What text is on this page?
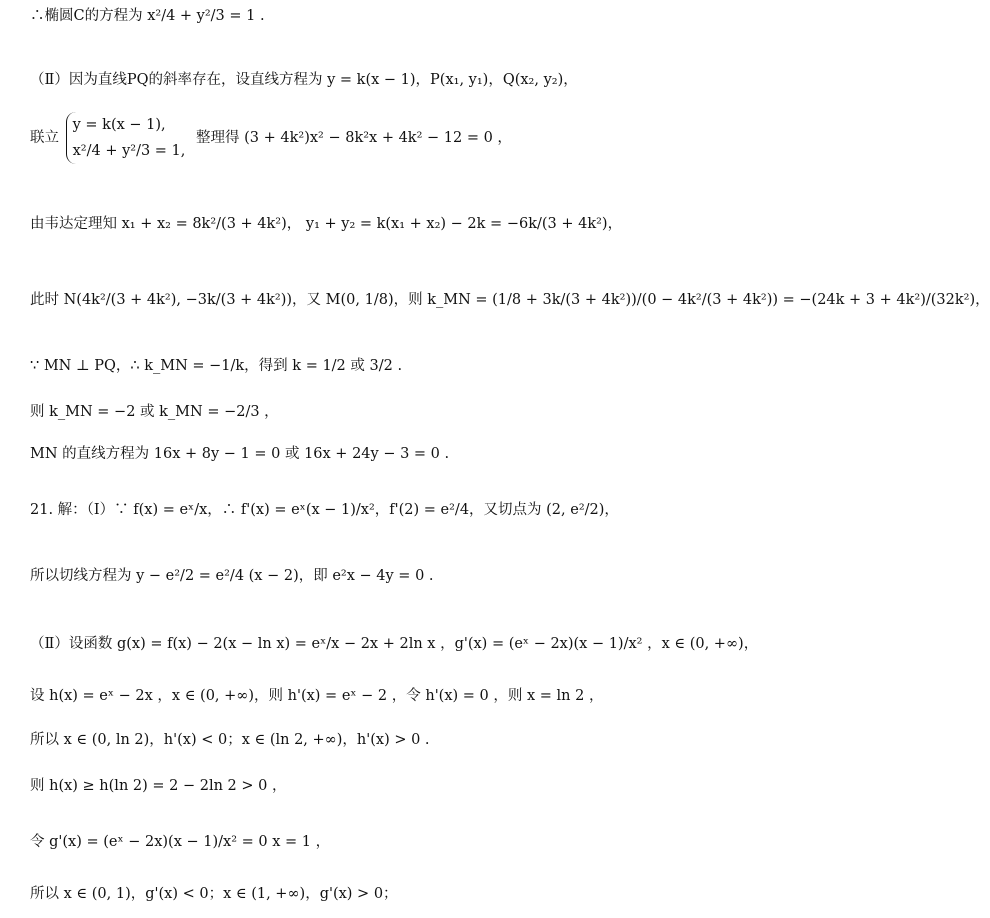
∴椭圆C的方程为 x²/4 + y²/3 = 1 .
（Ⅱ）因为直线PQ的斜率存在，设直线方程为 y = k(x − 1)，P(x₁, y₁)，Q(x₂, y₂)，
联立
y = k(x − 1),
x²/4 + y²/3 = 1,
整理得 (3 + 4k²)x² − 8k²x + 4k² − 12 = 0 ，
由韦达定理知 x₁ + x₂ = 8k²/(3 + 4k²)， y₁ + y₂ = k(x₁ + x₂) − 2k = −6k/(3 + 4k²)，
此时 N(4k²/(3 + 4k²), −3k/(3 + 4k²))，又 M(0, 1/8)，则 k_MN = (1/8 + 3k/(3 + 4k²))/(0 − 4k²/(3 + 4k²)) = −(24k + 3 + 4k²)/(32k²)，
∵ MN ⊥ PQ，∴ k_MN = −1/k，得到 k = 1/2 或 3/2 .
则 k_MN = −2 或 k_MN = −2/3 ，
MN 的直线方程为 16x + 8y − 1 = 0 或 16x + 24y − 3 = 0 .
21. 解：（Ⅰ）∵ f(x) = eˣ/x，∴ f'(x) = eˣ(x − 1)/x²，f'(2) = e²/4，又切点为 (2, e²/2)，
所以切线方程为 y − e²/2 = e²/4 (x − 2)，即 e²x − 4y = 0 .
（Ⅱ）设函数 g(x) = f(x) − 2(x − ln x) = eˣ/x − 2x + 2ln x ，g'(x) = (eˣ − 2x)(x − 1)/x² ，x ∈ (0, +∞)，
设 h(x) = eˣ − 2x ，x ∈ (0, +∞)，则 h'(x) = eˣ − 2 ，令 h'(x) = 0 ，则 x = ln 2 ，
所以 x ∈ (0, ln 2)，h'(x) < 0；x ∈ (ln 2, +∞)，h'(x) > 0 .
则 h(x) ≥ h(ln 2) = 2 − 2ln 2 > 0 ，
令 g'(x) = (eˣ − 2x)(x − 1)/x² = 0 x = 1 ，
所以 x ∈ (0, 1)，g'(x) < 0；x ∈ (1, +∞)，g'(x) > 0；
